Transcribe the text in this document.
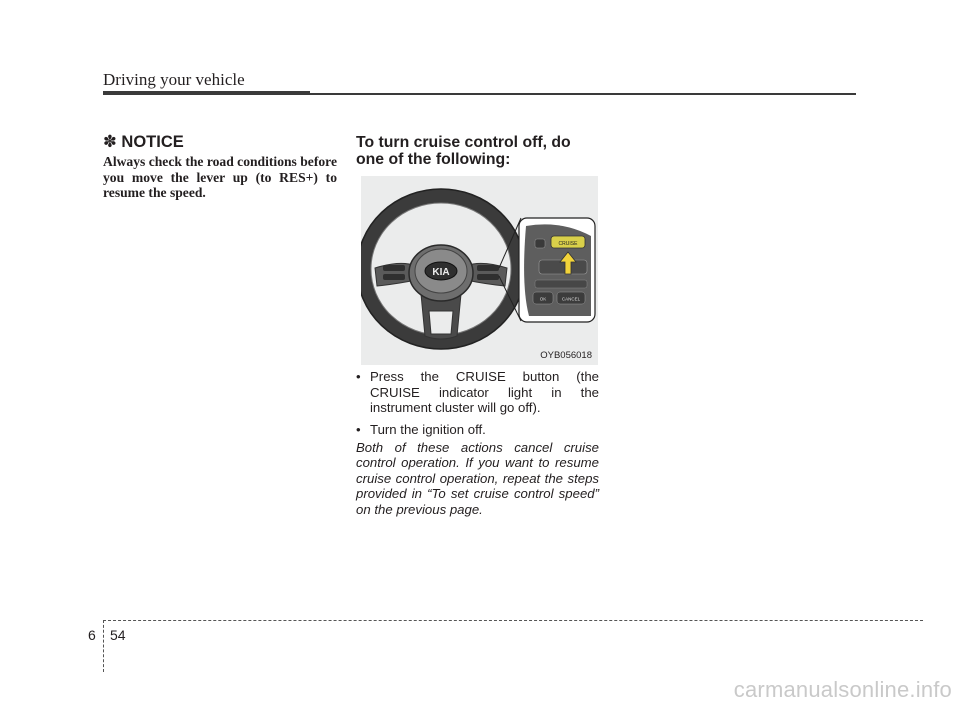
Driving your vehicle
✽ NOTICE
Always check the road conditions before you move the lever up (to RES+) to resume the speed.
To turn cruise control off, do one of the following:
KIA
CRUISE
OK	CANCEL
OYB056018
• Press the CRUISE button (the CRUISE indicator light in the instrument cluster will go off).
• Turn the ignition off.
Both of these actions cancel cruise control operation. If you want to resume cruise control operation, repeat the steps provided in “To set cruise control speed” on the previous page.
6 54
carmanualsonline.info
